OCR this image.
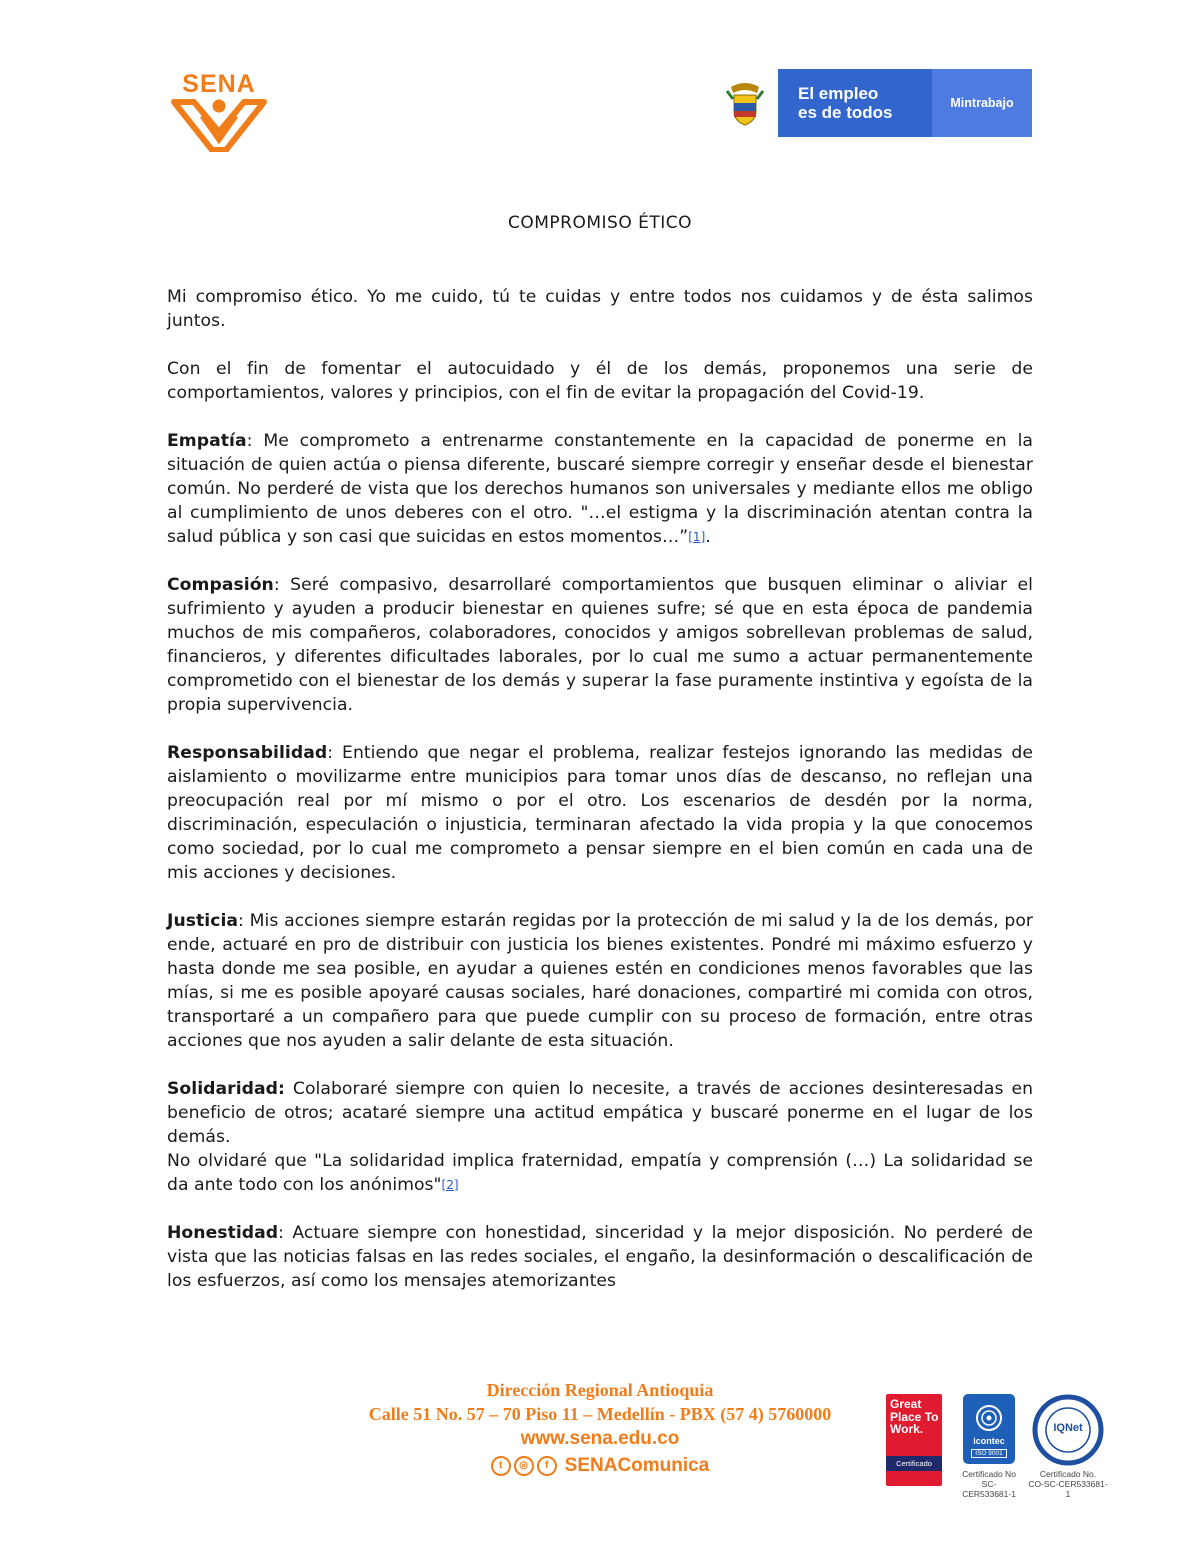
SENA	El empleo
es de todos	Mintrabajo
COMPROMISO ÉTICO

Mi compromiso ético. Yo me cuido, tú te cuidas y entre todos nos cuidamos y de ésta salimos juntos.

Con el fin de fomentar el autocuidado y él de los demás, proponemos una serie de comportamientos, valores y principios, con el fin de evitar la propagación del Covid-19.

Empatía: Me comprometo a entrenarme constantemente en la capacidad de ponerme en la situación de quien actúa o piensa diferente, buscaré siempre corregir y enseñar desde el bienestar común. No perderé de vista que los derechos humanos son universales y mediante ellos me obligo al cumplimiento de unos deberes con el otro. "…el estigma y la discriminación atentan contra la salud pública y son casi que suicidas en estos momentos…”[1].

Compasión: Seré compasivo, desarrollaré comportamientos que busquen eliminar o aliviar el sufrimiento y ayuden a producir bienestar en quienes sufre; sé que en esta época de pandemia muchos de mis compañeros, colaboradores, conocidos y amigos sobrellevan problemas de salud, financieros, y diferentes dificultades laborales, por lo cual me sumo a actuar permanentemente comprometido con el bienestar de los demás y superar la fase puramente instintiva y egoísta de la propia supervivencia.

Responsabilidad: Entiendo que negar el problema, realizar festejos ignorando las medidas de aislamiento o movilizarme entre municipios para tomar unos días de descanso, no reflejan una preocupación real por mí mismo o por el otro. Los escenarios de desdén por la norma, discriminación, especulación o injusticia, terminaran afectado la vida propia y la que conocemos como sociedad, por lo cual me comprometo a pensar siempre en el bien común en cada una de mis acciones y decisiones.

Justicia: Mis acciones siempre estarán regidas por la protección de mi salud y la de los demás, por ende, actuaré en pro de distribuir con justicia los bienes existentes. Pondré mi máximo esfuerzo y hasta donde me sea posible, en ayudar a quienes estén en condiciones menos favorables que las mías, si me es posible apoyaré causas sociales, haré donaciones, compartiré mi comida con otros, transportaré a un compañero para que puede cumplir con su proceso de formación, entre otras acciones que nos ayuden a salir delante de esta situación.

Solidaridad: Colaboraré siempre con quien lo necesite, a través de acciones desinteresadas en beneficio de otros; acataré siempre una actitud empática y buscaré ponerme en el lugar de los demás.
No olvidaré que "La solidaridad implica fraternidad, empatía y comprensión (…) La solidaridad se da ante todo con los anónimos"[2]

Honestidad: Actuare siempre con honestidad, sinceridad y la mejor disposición. No perderé de vista que las noticias falsas en las redes sociales, el engaño, la desinformación o descalificación de los esfuerzos, así como los mensajes atemorizantes

Dirección Regional Antioquia
Calle 51 No. 57 – 70 Piso 11 – Medellín - PBX (57 4) 5760000
www.sena.edu.co
t	◎	f SENAComunica
Great Place To Work.
Certificado
icontec
ISO 9001
IQNet
Certificado No
SC-CER533681-1
Certificado No.
CO-SC-CER533681-1
